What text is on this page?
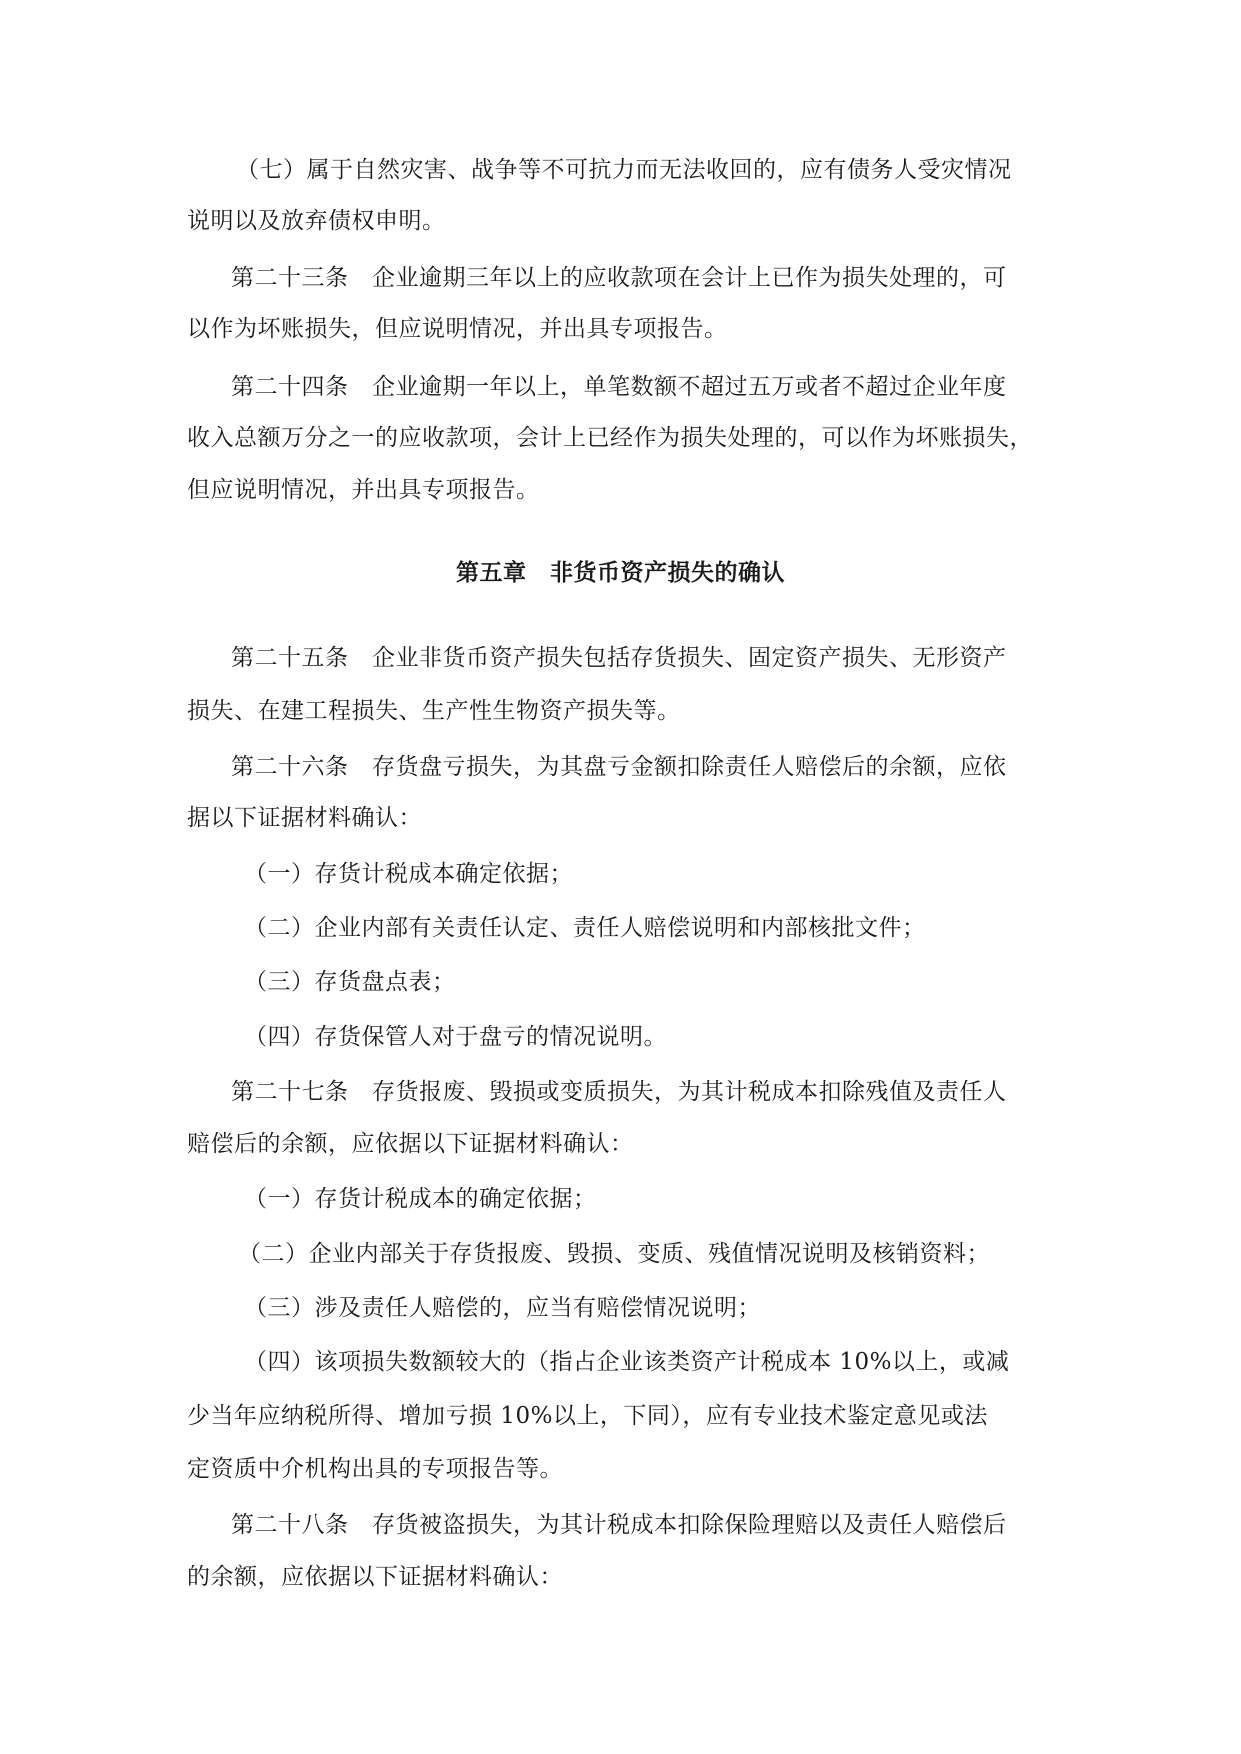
（七）属于自然灾害、战争等不可抗力而无法收回的，应有债务人受灾情况
说明以及放弃债权申明。
第二十三条　企业逾期三年以上的应收款项在会计上已作为损失处理的，可
以作为坏账损失，但应说明情况，并出具专项报告。
第二十四条　企业逾期一年以上，单笔数额不超过五万或者不超过企业年度
收入总额万分之一的应收款项，会计上已经作为损失处理的，可以作为坏账损失，
但应说明情况，并出具专项报告。
第五章　非货币资产损失的确认
第二十五条　企业非货币资产损失包括存货损失、固定资产损失、无形资产
损失、在建工程损失、生产性生物资产损失等。
第二十六条　存货盘亏损失，为其盘亏金额扣除责任人赔偿后的余额，应依
据以下证据材料确认：
（一）存货计税成本确定依据；
（二）企业内部有关责任认定、责任人赔偿说明和内部核批文件；
（三）存货盘点表；
（四）存货保管人对于盘亏的情况说明。
第二十七条　存货报废、毁损或变质损失，为其计税成本扣除残值及责任人
赔偿后的余额，应依据以下证据材料确认：
（一）存货计税成本的确定依据；
（二）企业内部关于存货报废、毁损、变质、残值情况说明及核销资料；
（三）涉及责任人赔偿的，应当有赔偿情况说明；
（四）该项损失数额较大的（指占企业该类资产计税成本 10%以上，或减
少当年应纳税所得、增加亏损 10%以上，下同），应有专业技术鉴定意见或法
定资质中介机构出具的专项报告等。
第二十八条　存货被盗损失，为其计税成本扣除保险理赔以及责任人赔偿后
的余额，应依据以下证据材料确认：
